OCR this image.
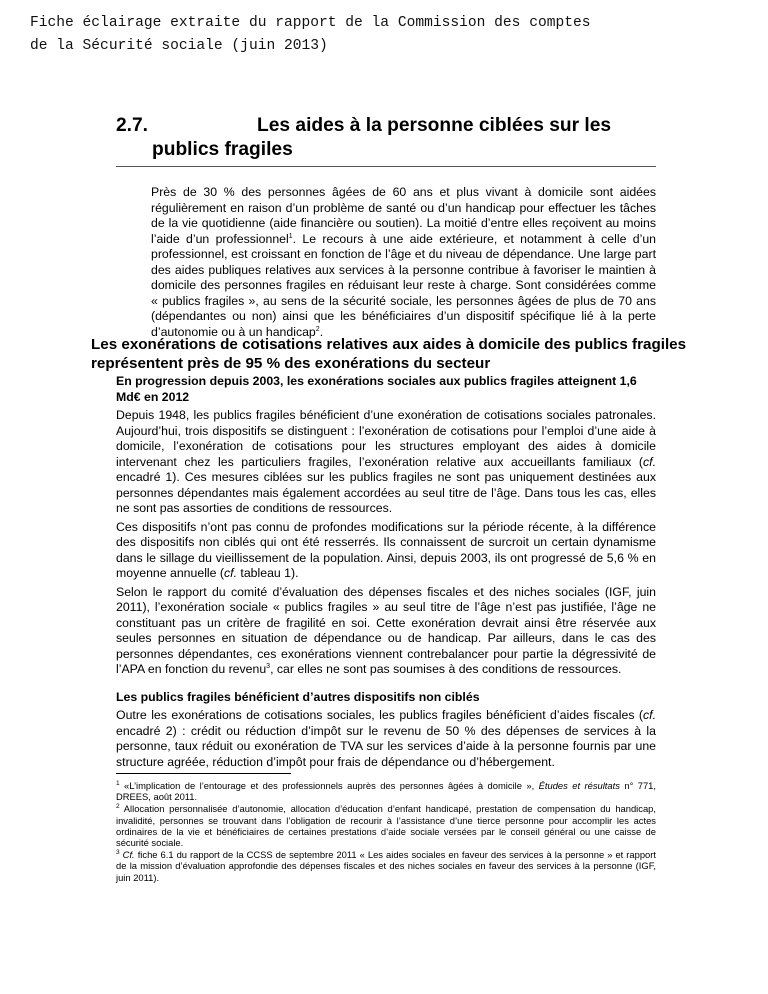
Fiche éclairage extraite du rapport de la Commission des comptes
de la Sécurité sociale (juin 2013)
2.7.	Les aides à la personne ciblées sur les
publics fragiles

Près de 30 % des personnes âgées de 60 ans et plus vivant à domicile sont aidées régulièrement en raison d’un problème de santé ou d’un handicap pour effectuer les tâches de la vie quotidienne (aide financière ou soutien). La moitié d’entre elles reçoivent au moins l’aide d’un professionnel$^1$. Le recours à une aide extérieure, et notamment à celle d’un professionnel, est croissant en fonction de l’âge et du niveau de dépendance. Une large part des aides publiques relatives aux services à la personne contribue à favoriser le maintien à domicile des personnes fragiles en réduisant leur reste à charge. Sont considérées comme « publics fragiles », au sens de la sécurité sociale, les personnes âgées de plus de 70 ans (dépendantes ou non) ainsi que les bénéficiaires d’un dispositif spécifique lié à la perte d’autonomie ou à un handicap$^2$.

Les exonérations de cotisations relatives aux aides à domicile des publics fragiles représentent près de 95 % des exonérations du secteur

En progression depuis 2003, les exonérations sociales aux publics fragiles atteignent 1,6 Md€ en 2012

Depuis 1948, les publics fragiles bénéficient d’une exonération de cotisations sociales patronales. Aujourd’hui, trois dispositifs se distinguent : l’exonération de cotisations pour l’emploi d’une aide à domicile, l’exonération de cotisations pour les structures employant des aides à domicile intervenant chez les particuliers fragiles, l’exonération relative aux accueillants familiaux (cf. encadré 1). Ces mesures ciblées sur les publics fragiles ne sont pas uniquement destinées aux personnes dépendantes mais également accordées au seul titre de l’âge. Dans tous les cas, elles ne sont pas assorties de conditions de ressources.

Ces dispositifs n’ont pas connu de profondes modifications sur la période récente, à la différence des dispositifs non ciblés qui ont été resserrés. Ils connaissent de surcroit un certain dynamisme dans le sillage du vieillissement de la population. Ainsi, depuis 2003, ils ont progressé de 5,6 % en moyenne annuelle (cf. tableau 1).

Selon le rapport du comité d’évaluation des dépenses fiscales et des niches sociales (IGF, juin 2011), l’exonération sociale « publics fragiles » au seul titre de l’âge n’est pas justifiée, l’âge ne constituant pas un critère de fragilité en soi. Cette exonération devrait ainsi être réservée aux seules personnes en situation de dépendance ou de handicap. Par ailleurs, dans le cas des personnes dépendantes, ces exonérations viennent contrebalancer pour partie la dégressivité de l’APA en fonction du revenu$^3$, car elles ne sont pas soumises à des conditions de ressources.

Les publics fragiles bénéficient d’autres dispositifs non ciblés

Outre les exonérations de cotisations sociales, les publics fragiles bénéficient d’aides fiscales (cf. encadré 2) : crédit ou réduction d’impôt sur le revenu de 50 % des dépenses de services à la personne, taux réduit ou exonération de TVA sur les services d’aide à la personne fournis par une structure agréée, réduction d’impôt pour frais de dépendance ou d’hébergement.

$^1$ «L’implication de l’entourage et des professionnels auprès des personnes âgées à domicile », Études et résultats n° 771, DREES, août 2011.

$^2$ Allocation personnalisée d’autonomie, allocation d’éducation d’enfant handicapé, prestation de compensation du handicap, invalidité, personnes se trouvant dans l’obligation de recourir à l’assistance d’une tierce personne pour accomplir les actes ordinaires de la vie et bénéficiaires de certaines prestations d’aide sociale versées par le conseil général ou une caisse de sécurité sociale.

$^3$ Cf. fiche 6.1 du rapport de la CCSS de septembre 2011 « Les aides sociales en faveur des services à la personne » et rapport de la mission d’évaluation approfondie des dépenses fiscales et des niches sociales en faveur des services à la personne (IGF, juin 2011).
